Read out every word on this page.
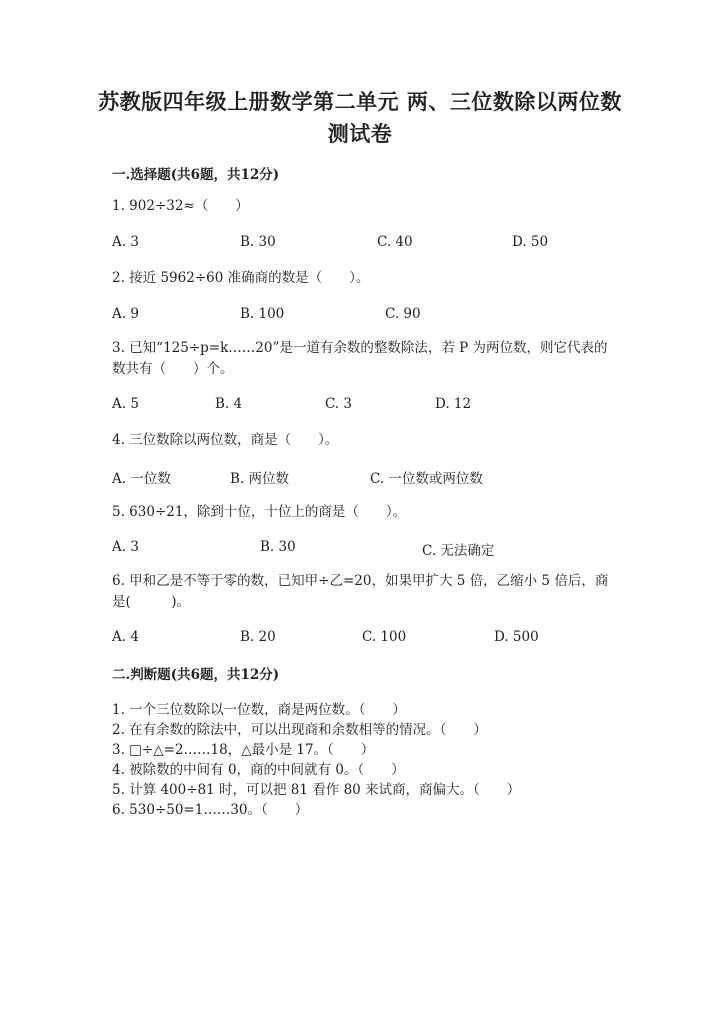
苏教版四年级上册数学第二单元 两、三位数除以两位数 测试卷
一.选择题(共6题，共12分)
1. 902÷32≈（　　）
A. 3	B. 30	C. 40	D. 50
2. 接近 5962÷60 准确商的数是（　　）。
A. 9	B. 100	C. 90
3. 已知“125÷p=k……20”是一道有余数的整数除法，若 P 为两位数，则它代表的数共有（　　）个。
A. 5	B. 4	C. 3	D. 12
4. 三位数除以两位数，商是（　　）。
A. 一位数	B. 两位数	C. 一位数或两位数
5. 630÷21，除到十位，十位上的商是（　　）。
A. 3	B. 30	C. 无法确定
6. 甲和乙是不等于零的数，已知甲÷乙=20，如果甲扩大 5 倍，乙缩小 5 倍后，商是(　　　)。
A. 4	B. 20	C. 100	D. 500
二.判断题(共6题，共12分)
1. 一个三位数除以一位数，商是两位数。（　　）
2. 在有余数的除法中，可以出现商和余数相等的情况。（　　）
3. □÷△=2……18，△最小是 17。（　　）
4. 被除数的中间有 0，商的中间就有 0。（　　）
5. 计算 400÷81 时，可以把 81 看作 80 来试商，商偏大。（　　）
6. 530÷50=1……30。（　　）
